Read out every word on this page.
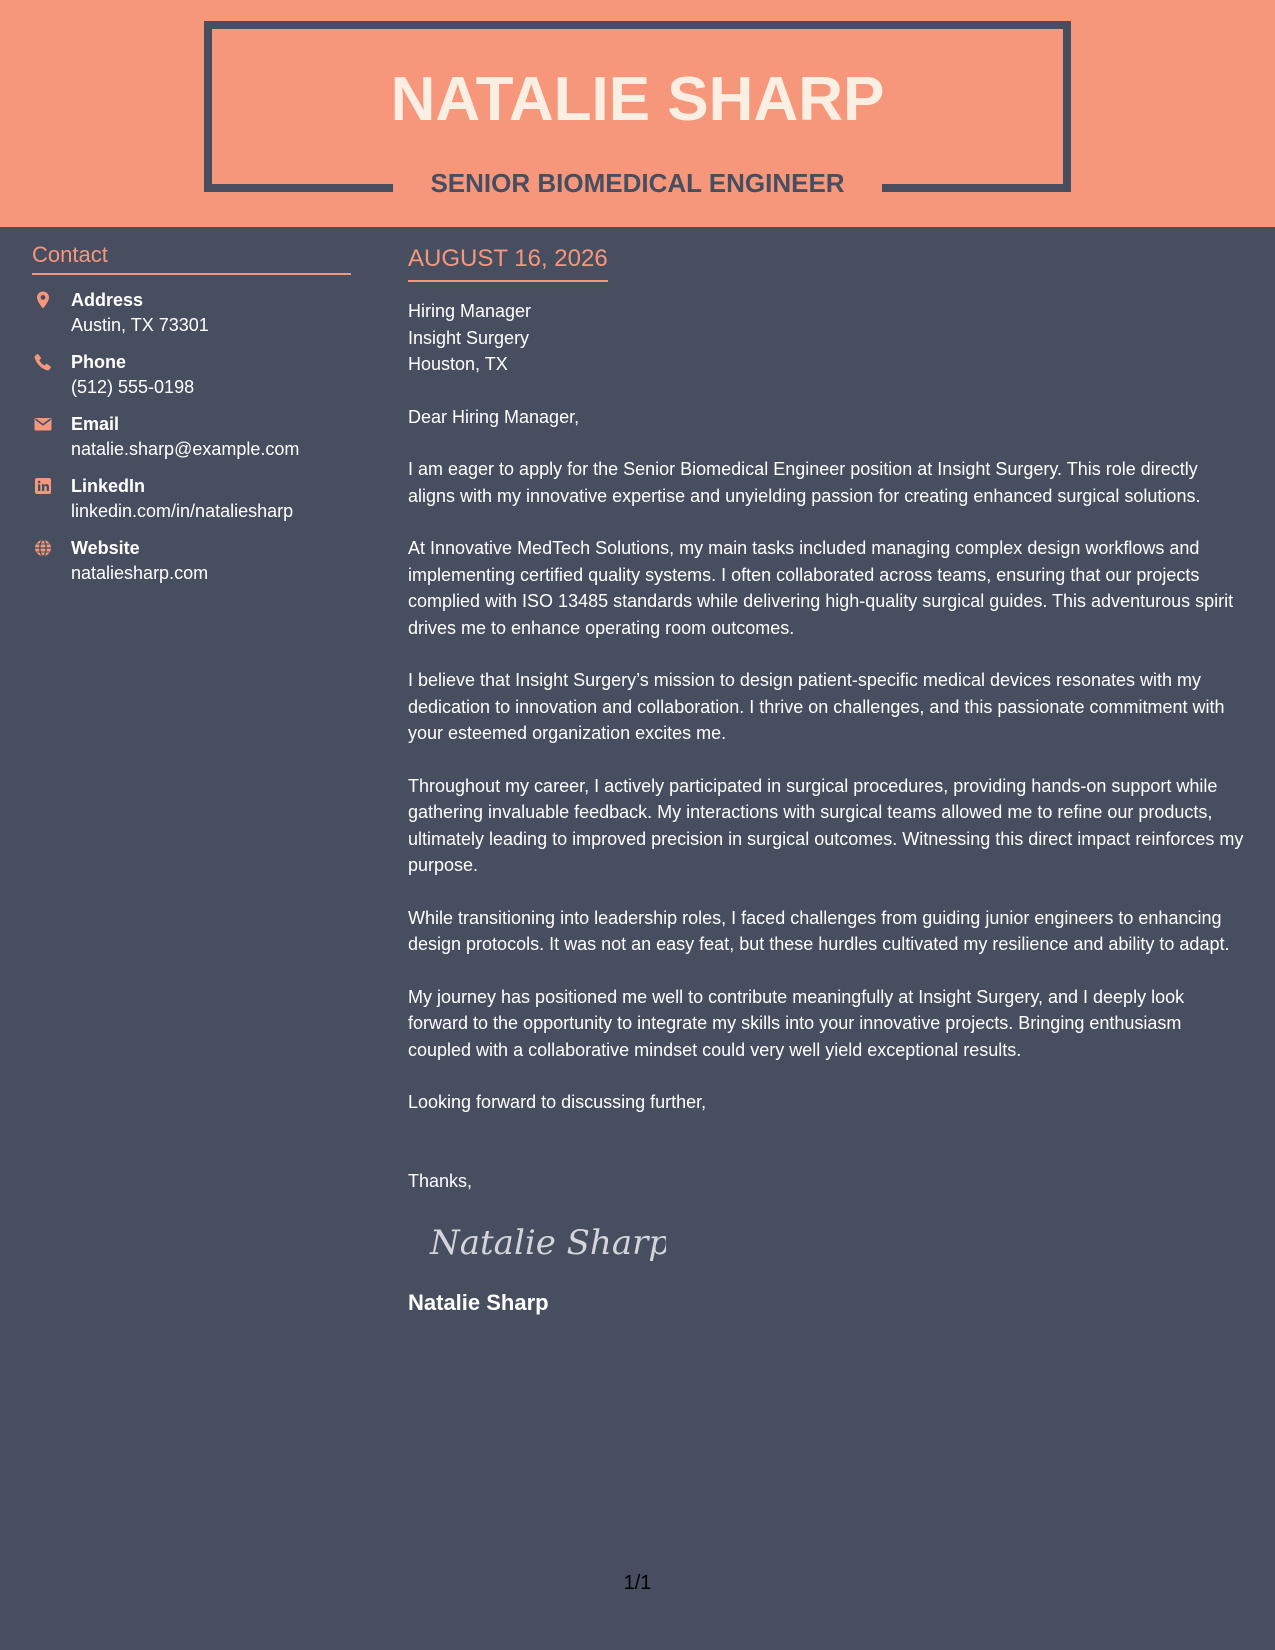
NATALIE SHARP
SENIOR BIOMEDICAL ENGINEER
Contact
Address
Austin, TX 73301
Phone
(512) 555-0198
Email
natalie.sharp@example.com
LinkedIn
linkedin.com/in/nataliesharp
Website
nataliesharp.com
AUGUST 16, 2026
Hiring Manager
Insight Surgery
Houston, TX

Dear Hiring Manager,

I am eager to apply for the Senior Biomedical Engineer position at Insight Surgery. This role directly aligns with my innovative expertise and unyielding passion for creating enhanced surgical solutions.

At Innovative MedTech Solutions, my main tasks included managing complex design workflows and implementing certified quality systems. I often collaborated across teams, ensuring that our projects complied with ISO 13485 standards while delivering high-quality surgical guides. This adventurous spirit drives me to enhance operating room outcomes.

I believe that Insight Surgery’s mission to design patient-specific medical devices resonates with my dedication to innovation and collaboration. I thrive on challenges, and this passionate commitment with your esteemed organization excites me.

Throughout my career, I actively participated in surgical procedures, providing hands-on support while gathering invaluable feedback. My interactions with surgical teams allowed me to refine our products, ultimately leading to improved precision in surgical outcomes. Witnessing this direct impact reinforces my purpose.

While transitioning into leadership roles, I faced challenges from guiding junior engineers to enhancing design protocols. It was not an easy feat, but these hurdles cultivated my resilience and ability to adapt.

My journey has positioned me well to contribute meaningfully at Insight Surgery, and I deeply look forward to the opportunity to integrate my skills into your innovative projects. Bringing enthusiasm coupled with a collaborative mindset could very well yield exceptional results.

Looking forward to discussing further,

Thanks,

Natalie Sharp
Natalie Sharp
1/1
